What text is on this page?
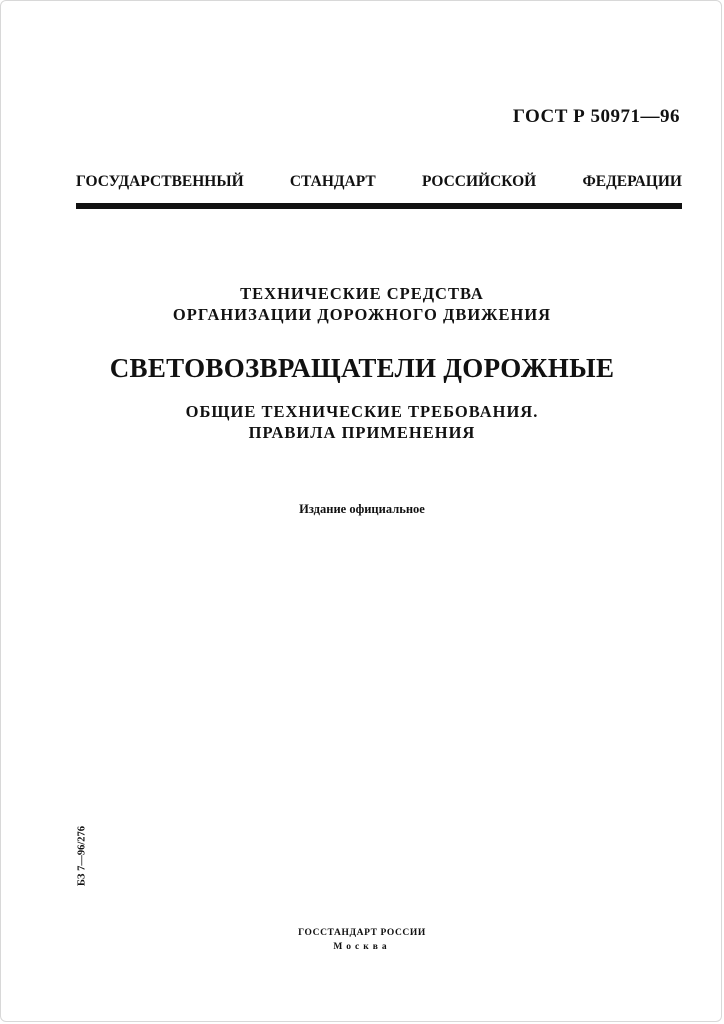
ГОСТ Р 50971—96
ГОСУДАРСТВЕННЫЙ	СТАНДАРТ	РОССИЙСКОЙ	ФЕДЕРАЦИИ
ТЕХНИЧЕСКИЕ СРЕДСТВА
ОРГАНИЗАЦИИ ДОРОЖНОГО ДВИЖЕНИЯ
СВЕТОВОЗВРАЩАТЕЛИ ДОРОЖНЫЕ
ОБЩИЕ ТЕХНИЧЕСКИЕ ТРЕБОВАНИЯ.
ПРАВИЛА ПРИМЕНЕНИЯ
Издание официальное
БЗ 7—96/276
ГОССТАНДАРТ РОССИИ
Москва
